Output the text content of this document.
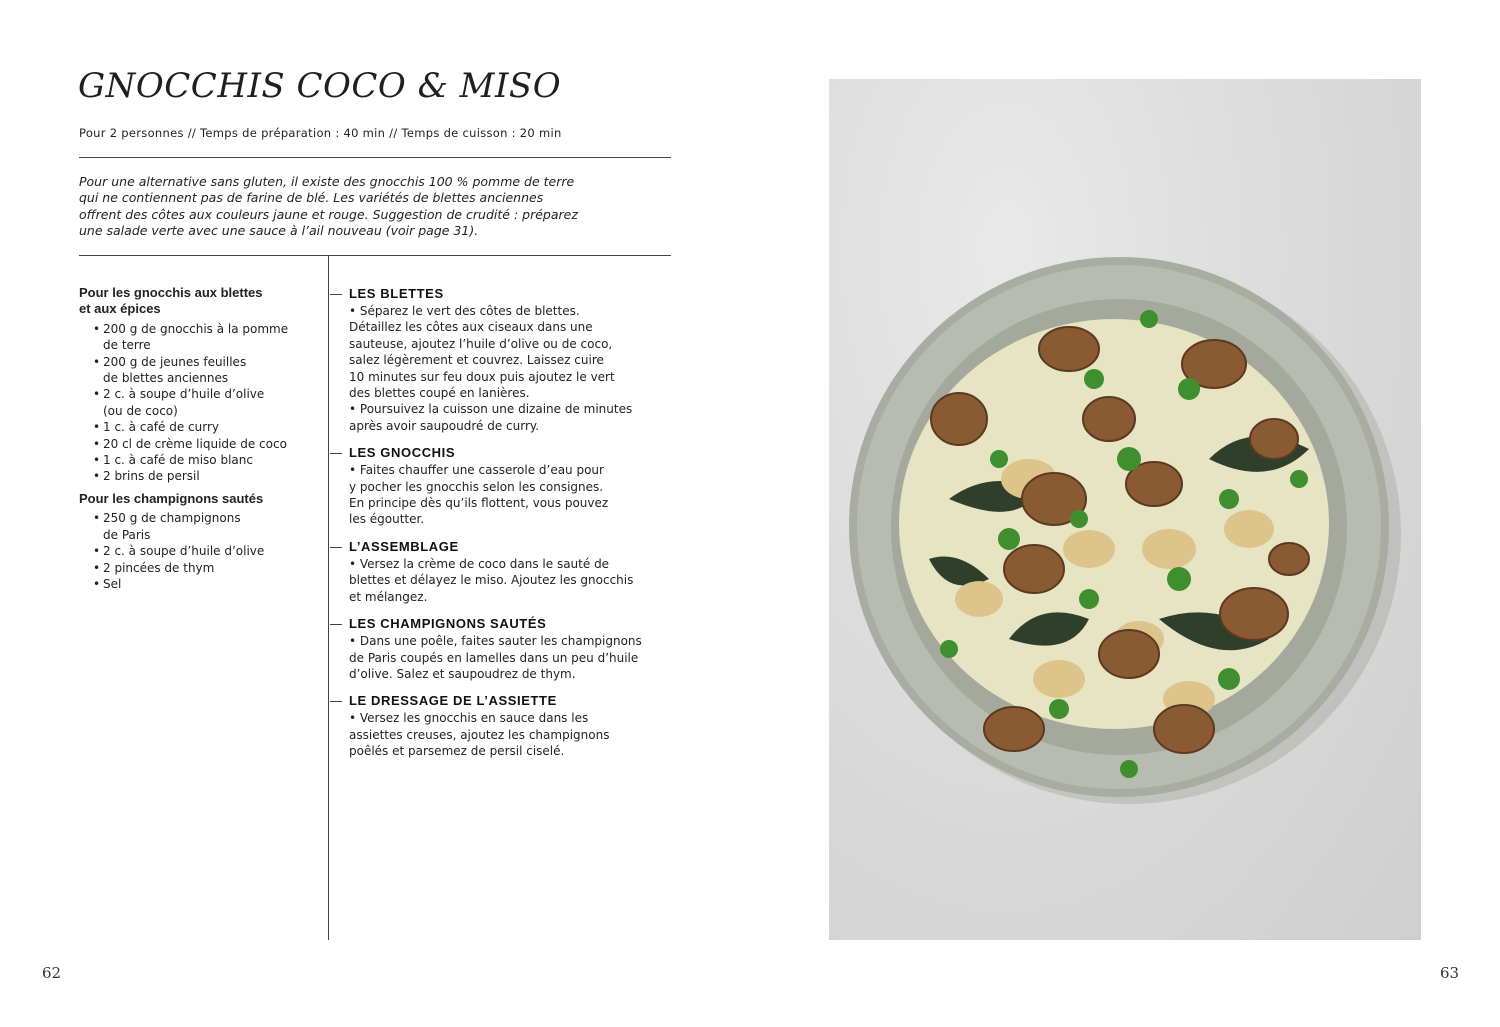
GNOCCHIS COCO & MISO
Pour 2 personnes // Temps de préparation : 40 min // Temps de cuisson : 20 min

Pour une alternative sans gluten, il existe des gnocchis 100 % pomme de terre
qui ne contiennent pas de farine de blé. Les variétés de blettes anciennes
offrent des côtes aux couleurs jaune et rouge. Suggestion de crudité : préparez
une salade verte avec une sauce à l’ail nouveau (voir page 31).

Pour les gnocchis aux blettes
et aux épices
• 200 g de gnocchis à la pomme
de terre
• 200 g de jeunes feuilles
de blettes anciennes
• 2 c. à soupe d’huile d’olive
(ou de coco)
• 1 c. à café de curry
• 20 cl de crème liquide de coco
• 1 c. à café de miso blanc
• 2 brins de persil
Pour les champignons sautés
• 250 g de champignons
de Paris
• 2 c. à soupe d’huile d’olive
• 2 pincées de thym
• Sel
LES BLETTES
• Séparez le vert des côtes de blettes.
Détaillez les côtes aux ciseaux dans une
sauteuse, ajoutez l’huile d’olive ou de coco,
salez légèrement et couvrez. Laissez cuire
10 minutes sur feu doux puis ajoutez le vert
des blettes coupé en lanières.
• Poursuivez la cuisson une dizaine de minutes
après avoir saupoudré de curry.
LES GNOCCHIS
• Faites chauffer une casserole d’eau pour
y pocher les gnocchis selon les consignes.
En principe dès qu’ils flottent, vous pouvez
les égoutter.
L’ASSEMBLAGE
• Versez la crème de coco dans le sauté de
blettes et délayez le miso. Ajoutez les gnocchis
et mélangez.
LES CHAMPIGNONS SAUTÉS
• Dans une poêle, faites sauter les champignons
de Paris coupés en lamelles dans un peu d’huile
d’olive. Salez et saupoudrez de thym.
LE DRESSAGE DE L’ASSIETTE
• Versez les gnocchis en sauce dans les
assiettes creuses, ajoutez les champignons
poêlés et parsemez de persil ciselé.
62	63
